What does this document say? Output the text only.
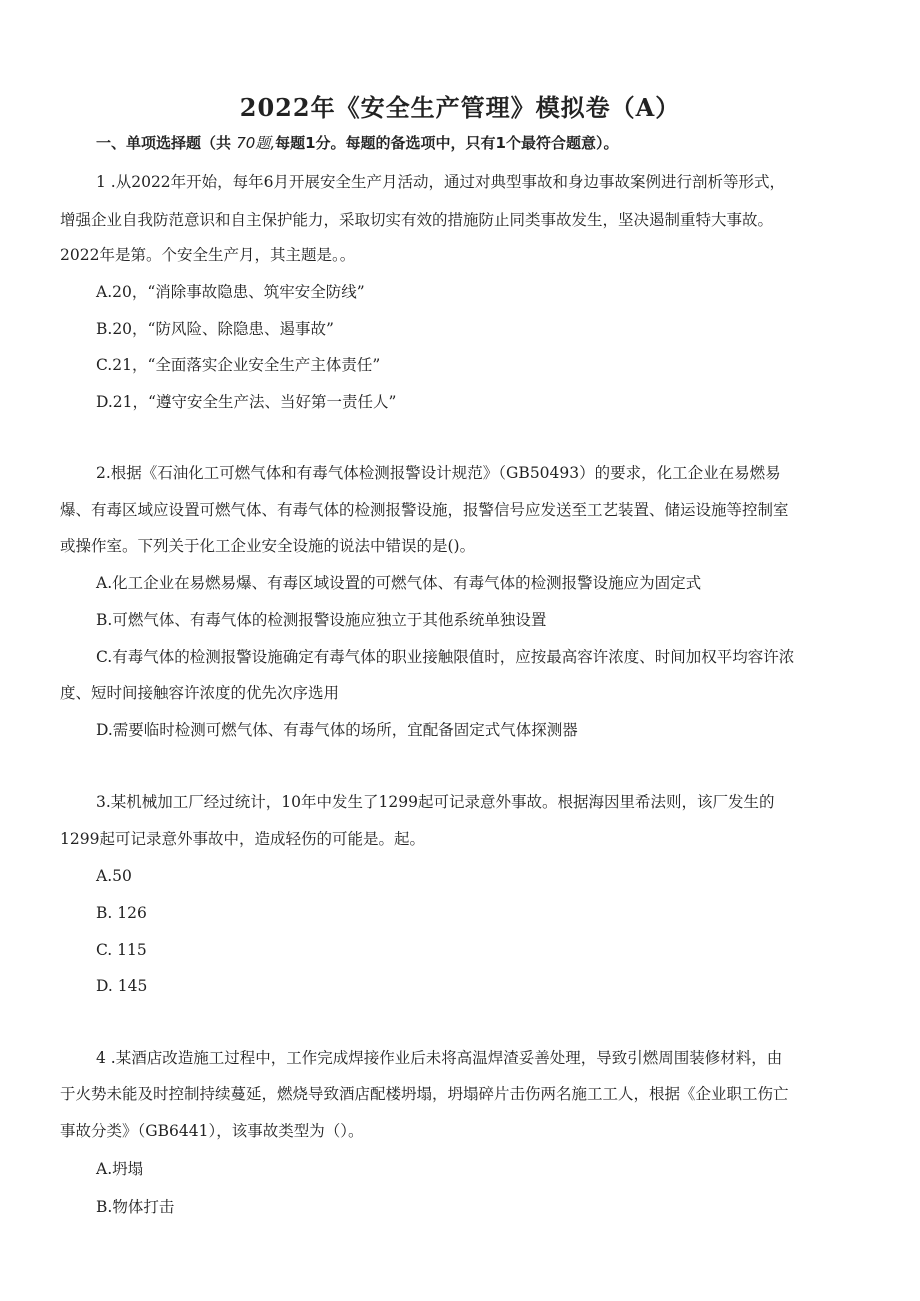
2022年《安全生产管理》模拟卷（A）
一、单项选择题（共 70题,每题1分。每题的备选项中，只有1个最符合题意）。
1 .从2022年开始，每年6月开展安全生产月活动，通过对典型事故和身边事故案例进行剖析等形式，
增强企业自我防范意识和自主保护能力，采取切实有效的措施防止同类事故发生，坚决遏制重特大事故。
2022年是第。个安全生产月，其主题是。。
A.20，“消除事故隐患、筑牢安全防线”
B.20，“防风险、除隐患、遏事故”
C.21，“全面落实企业安全生产主体责任”
D.21，“遵守安全生产法、当好第一责任人”
2.根据《石油化工可燃气体和有毒气体检测报警设计规范》（GB50493）的要求，化工企业在易燃易
爆、有毒区域应设置可燃气体、有毒气体的检测报警设施，报警信号应发送至工艺装置、储运设施等控制室
或操作室。下列关于化工企业安全设施的说法中错误的是()。
A.化工企业在易燃易爆、有毒区域设置的可燃气体、有毒气体的检测报警设施应为固定式
B.可燃气体、有毒气体的检测报警设施应独立于其他系统单独设置
C.有毒气体的检测报警设施确定有毒气体的职业接触限值时，应按最高容许浓度、时间加权平均容许浓
度、短时间接触容许浓度的优先次序选用
D.需要临时检测可燃气体、有毒气体的场所，宜配备固定式气体探测器
3.某机械加工厂经过统计，10年中发生了1299起可记录意外事故。根据海因里希法则，该厂发生的
1299起可记录意外事故中，造成轻伤的可能是。起。
A.50
B. 126
C. 115
D. 145
4 .某酒店改造施工过程中，工作完成焊接作业后未将高温焊渣妥善处理，导致引燃周围装修材料，由
于火势未能及时控制持续蔓延，燃烧导致酒店配楼坍塌，坍塌碎片击伤两名施工工人，根据《企业职工伤亡
事故分类》（GB6441），该事故类型为（）。
A.坍塌
B.物体打击
